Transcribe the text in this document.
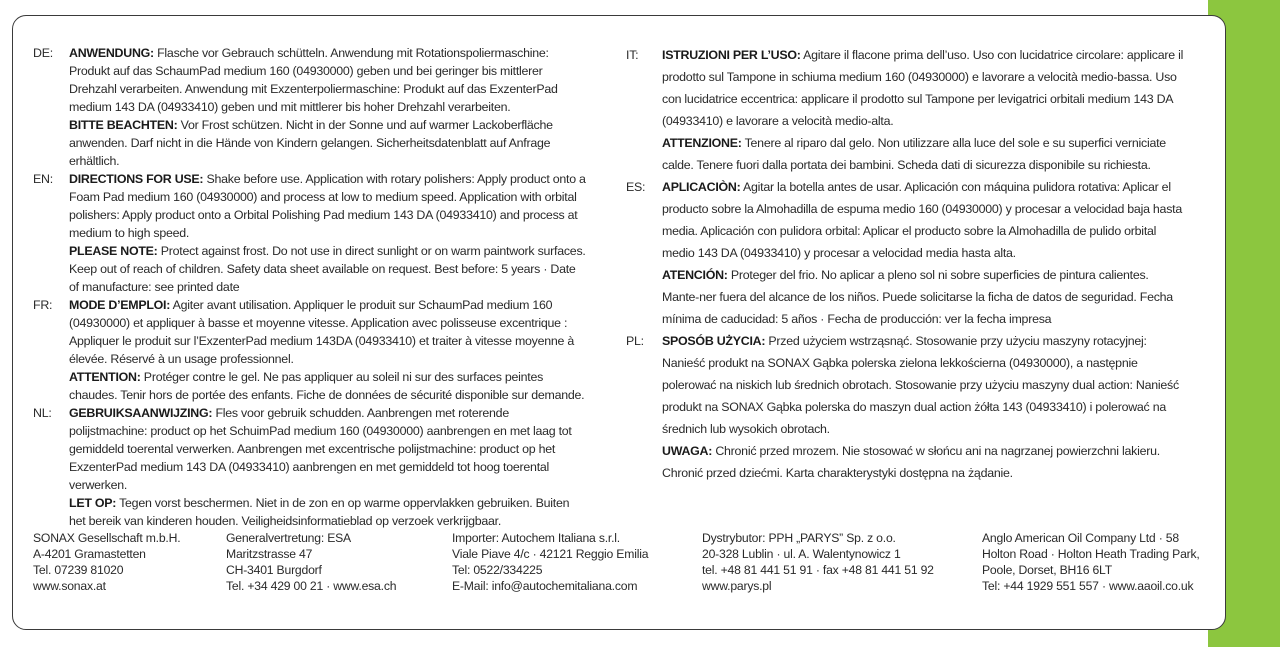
DE: ANWENDUNG: Flasche vor Gebrauch schütteln. Anwendung mit Rotationspoliermaschine: Produkt auf das SchaumPad medium 160 (04930000) geben und bei geringer bis mittlerer Drehzahl verarbeiten. Anwendung mit Exzenterpoliermaschine: Produkt auf das ExzenterPad medium 143 DA (04933410) geben und mit mittlerer bis hoher Drehzahl verarbeiten.

BITTE BEACHTEN: Vor Frost schützen. Nicht in der Sonne und auf warmer Lackoberfläche anwenden. Darf nicht in die Hände von Kindern gelangen. Sicherheitsdatenblatt auf Anfrage erhältlich.

EN: DIRECTIONS FOR USE: Shake before use. Application with rotary polishers: Apply product onto a Foam Pad medium 160 (04930000) and process at low to medium speed. Application with orbital polishers: Apply product onto a Orbital Polishing Pad medium 143 DA (04933410) and process at medium to high speed.

PLEASE NOTE: Protect against frost. Do not use in direct sunlight or on warm paintwork surfaces. Keep out of reach of children. Safety data sheet available on request. Best before: 5 years · Date of manufacture: see printed date

FR: MODE D’EMPLOI: Agiter avant utilisation. Appliquer le produit sur SchaumPad medium 160 (04930000) et appliquer à basse et moyenne vitesse. Application avec polisseuse excentrique : Appliquer le produit sur l’ExzenterPad medium 143DA (04933410) et traiter à vitesse moyenne à élevée. Réservé à un usage professionnel.

ATTENTION: Protéger contre le gel. Ne pas appliquer au soleil ni sur des surfaces peintes chaudes. Tenir hors de portée des enfants. Fiche de données de sécurité disponible sur demande.

NL: GEBRUIKSAANWIJZING: Fles voor gebruik schudden. Aanbrengen met roterende polijstmachine: product op het SchuimPad medium 160 (04930000) aanbrengen en met laag tot gemiddeld toerental verwerken. Aanbrengen met excentrische polijstmachine: product op het ExzenterPad medium 143 DA (04933410) aanbrengen en met gemiddeld tot hoog toerental verwerken.

LET OP: Tegen vorst beschermen. Niet in de zon en op warme oppervlakken gebruiken. Buiten het bereik van kinderen houden. Veiligheidsinformatieblad op verzoek verkrijgbaar.

IT: ISTRUZIONI PER L’USO: Agitare il flacone prima dell’uso. Uso con lucidatrice circolare: applicare il prodotto sul Tampone in schiuma medium 160 (04930000) e lavorare a velocità medio-bassa. Uso con lucidatrice eccentrica: applicare il prodotto sul Tampone per levigatrici orbitali medium 143 DA (04933410) e lavorare a velocità medio-alta.

ATTENZIONE: Tenere al riparo dal gelo. Non utilizzare alla luce del sole e su superfici verniciate calde. Tenere fuori dalla portata dei bambini. Scheda dati di sicurezza disponibile su richiesta.

ES: APLICACIÒN: Agitar la botella antes de usar. Aplicación con máquina pulidora rotativa: Aplicar el producto sobre la Almohadilla de espuma medio 160 (04930000) y procesar a velocidad baja hasta media. Aplicación con pulidora orbital: Aplicar el producto sobre la Almohadilla de pulido orbital medio 143 DA (04933410) y procesar a velocidad media hasta alta.

ATENCIÓN: Proteger del frio. No aplicar a pleno sol ni sobre superficies de pintura calientes. Mante-ner fuera del alcance de los niños. Puede solicitarse la ficha de datos de seguridad. Fecha mínima de caducidad: 5 años · Fecha de producción: ver la fecha impresa

PL: SPOSÓB UŻYCIA: Przed użyciem wstrząsnąć. Stosowanie przy użyciu maszyny rotacyjnej: Nanieść produkt na SONAX Gąbka polerska zielona lekkościerna (04930000), a następnie polerować na niskich lub średnich obrotach. Stosowanie przy użyciu maszyny dual action: Nanieść produkt na SONAX Gąbka polerska do maszyn dual action żółta 143 (04933410) i polerować na średnich lub wysokich obrotach.

UWAGA: Chronić przed mrozem. Nie stosować w słońcu ani na nagrzanej powierzchni lakieru. Chronić przed dziećmi. Karta charakterystyki dostępna na żądanie.

SONAX Gesellschaft m.b.H.
A-4201 Gramastetten
Tel. 07239 81020
www.sonax.at
Generalvertretung: ESA
Maritzstrasse 47
CH-3401 Burgdorf
Tel. +34 429 00 21 · www.esa.ch
Importer: Autochem Italiana s.r.l.
Viale Piave 4/c · 42121 Reggio Emilia
Tel: 0522/334225
E-Mail: info@autochemitaliana.com
Dystrybutor: PPH „PARYS” Sp. z o.o.
20-328 Lublin · ul. A. Walentynowicz 1
tel. +48 81 441 51 91 · fax +48 81 441 51 92
www.parys.pl
Anglo American Oil Company Ltd · 58
Holton Road · Holton Heath Trading Park,
Poole, Dorset, BH16 6LT
Tel: +44 1929 551 557 · www.aaoil.co.uk
